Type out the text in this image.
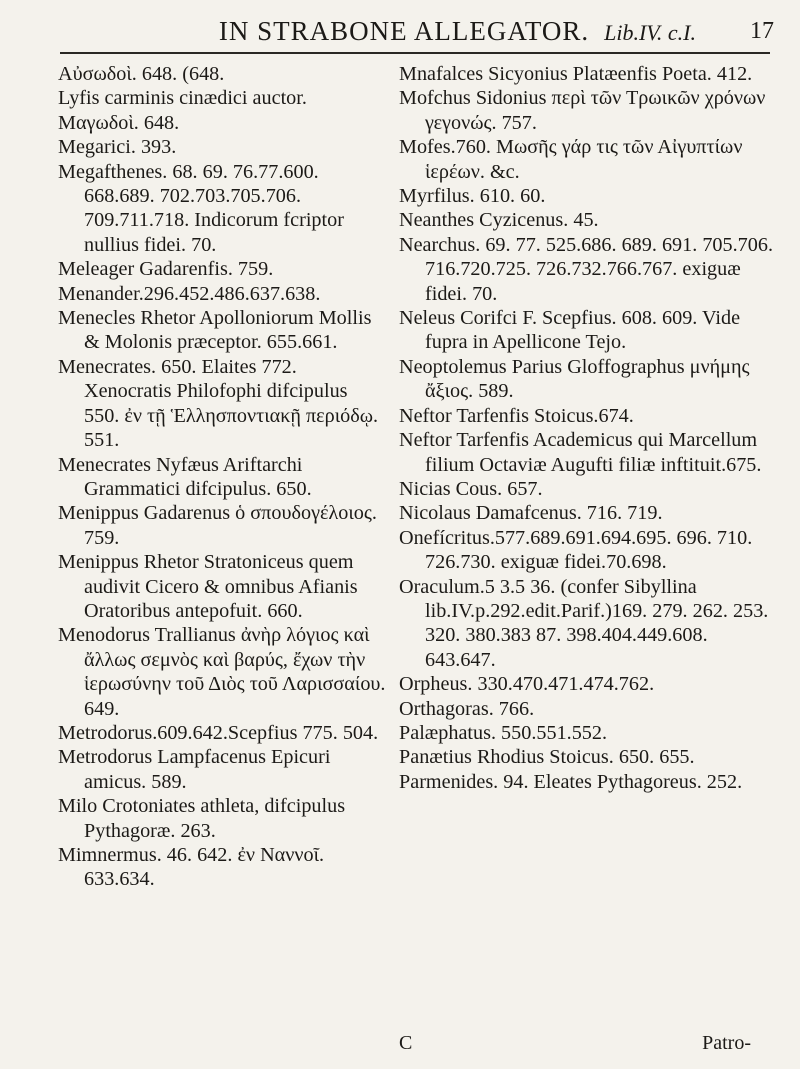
IN STRABONE ALLEGATOR. Lib.IV. c.I. 17

Αὐσωδοὶ. 648. (648.

Lyfis carminis cinædici auctor.

Μαγωδοὶ. 648.

Megarici. 393.

Megafthenes. 68. 69. 76.77.600. 668.689. 702.703.705.706. 709.711.718. Indicorum fcriptor nullius fidei. 70.

Meleager Gadarenfis. 759.

Menander.296.452.486.637.638.

Menecles Rhetor Apolloniorum Mollis & Molonis præceptor. 655.661.

Menecrates. 650. Elaites 772. Xenocratis Philofophi difcipulus 550. ἐν τῇ Ἑλλησποντιακῇ περιόδῳ. 551.

Menecrates Nyfæus Ariftarchi Grammatici difcipulus. 650.

Menippus Gadarenus ὁ σπουδογέλοιος. 759.

Menippus Rhetor Stratoniceus quem audivit Cicero & omnibus Afianis Oratoribus antepofuit. 660.

Menodorus Trallianus ἀνὴρ λόγιος καὶ ἄλλως σεμνὸς καὶ βαρύς, ἔχων τὴν ἱερωσύνην τοῦ Διὸς τοῦ Λαρισσαίου. 649.

Metrodorus.609.642.Scepfius 775. 504.

Metrodorus Lampfacenus Epicuri amicus. 589.

Milo Crotoniates athleta, difcipulus Pythagoræ. 263.

Mimnermus. 46. 642. ἐν Ναννοῖ. 633.634.

Mnafalces Sicyonius Platæenfis Poeta. 412.

Mofchus Sidonius περὶ τῶν Τρωικῶν χρόνων γεγονώς. 757.

Mofes.760. Μωσῆς γάρ τις τῶν Αἰγυπτίων ἱερέων. &c.

Myrfilus. 610. 60.

Neanthes Cyzicenus. 45.

Nearchus. 69. 77. 525.686. 689. 691. 705.706. 716.720.725. 726.732.766.767. exiguæ fidei. 70.

Neleus Corifci F. Scepfius. 608. 609. Vide fupra in Apellicone Tejo.

Neoptolemus Parius Gloffographus μνήμης ἄξιος. 589.

Neftor Tarfenfis Stoicus.674.

Neftor Tarfenfis Academicus qui Marcellum filium Octaviæ Augufti filiæ inftituit.675.

Nicias Cous. 657.

Nicolaus Damafcenus. 716. 719.

Onefícritus.577.689.691.694.695. 696. 710. 726.730. exiguæ fidei.70.698.

Oraculum.5 3.5 36. (confer Sibyllina lib.IV.p.292.edit.Parif.)169. 279. 262. 253. 320. 380.383 87. 398.404.449.608. 643.647.

Orpheus. 330.470.471.474.762.

Orthagoras. 766.

Palæphatus. 550.551.552.

Panætius Rhodius Stoicus. 650. 655.

Parmenides. 94. Eleates Pythagoreus. 252.

C	Patro-
